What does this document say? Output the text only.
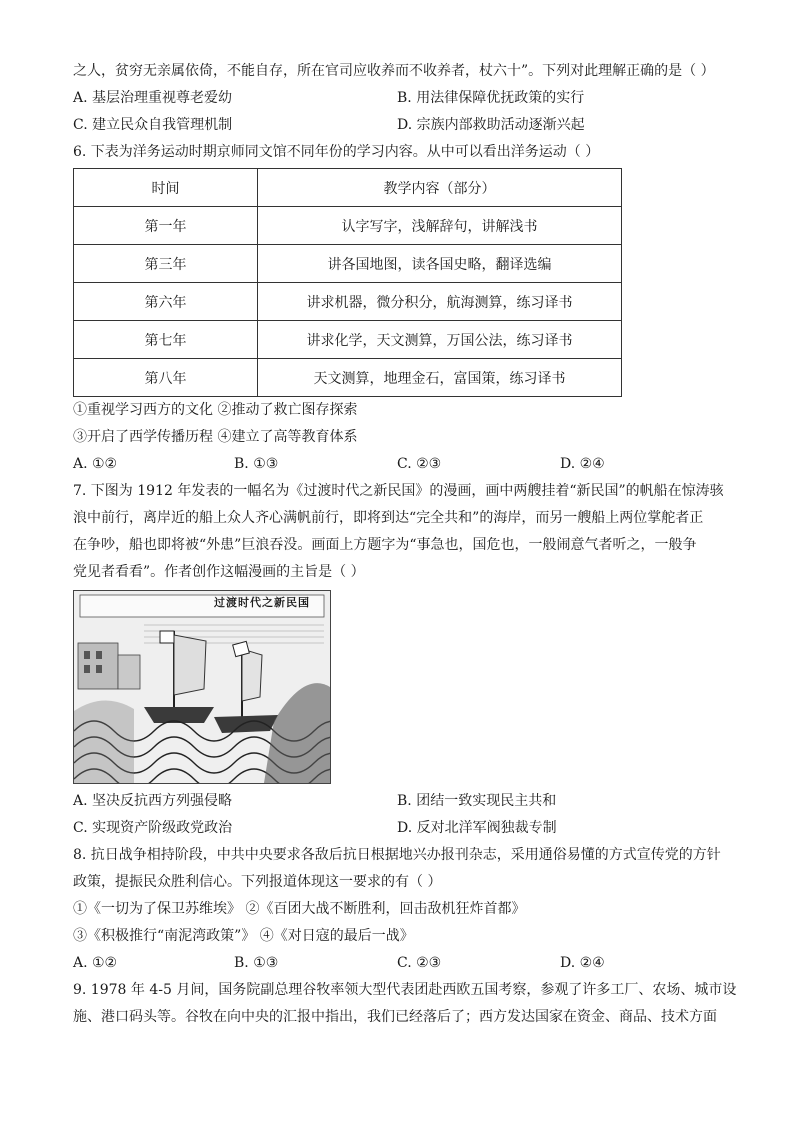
之人，贫穷无亲属依倚，不能自存，所在官司应收养而不收养者，杖六十”。下列对此理解正确的是（ ）
A. 基层治理重视尊老爱幼	B. 用法律保障优抚政策的实行
C. 建立民众自我管理机制	D. 宗族内部救助活动逐渐兴起
6. 下表为洋务运动时期京师同文馆不同年份的学习内容。从中可以看出洋务运动（ ）
时间	教学内容（部分）
第一年	认字写字，浅解辞句，讲解浅书
第三年	讲各国地图，读各国史略，翻译选编
第六年	讲求机器，微分积分，航海测算，练习译书
第七年	讲求化学，天文测算，万国公法，练习译书
第八年	天文测算，地理金石，富国策，练习译书
①重视学习西方的文化 ②推动了救亡图存探索
③开启了西学传播历程 ④建立了高等教育体系
A. ①②	B. ①③	C. ②③	D. ②④
7. 下图为 1912 年发表的一幅名为《过渡时代之新民国》的漫画，画中两艘挂着“新民国”的帆船在惊涛骇
浪中前行，离岸近的船上众人齐心满帆前行，即将到达“完全共和”的海岸，而另一艘船上两位掌舵者正
在争吵，船也即将被“外患”巨浪吞没。画面上方题字为“事急也，国危也，一般闹意气者听之，一般争
党见者看看”。作者创作这幅漫画的主旨是（ ）
过渡时代之新民国
A. 坚决反抗西方列强侵略	B. 团结一致实现民主共和
C. 实现资产阶级政党政治	D. 反对北洋军阀独裁专制
8. 抗日战争相持阶段，中共中央要求各敌后抗日根据地兴办报刊杂志，采用通俗易懂的方式宣传党的方针
政策，提振民众胜利信心。下列报道体现这一要求的有（ ）
①《一切为了保卫苏维埃》 ②《百团大战不断胜利，回击敌机狂炸首都》
③《积极推行“南泥湾政策”》 ④《对日寇的最后一战》
A. ①②	B. ①③	C. ②③	D. ②④
9. 1978 年 4-5 月间，国务院副总理谷牧率领大型代表团赴西欧五国考察，参观了许多工厂、农场、城市设
施、港口码头等。谷牧在向中央的汇报中指出，我们已经落后了；西方发达国家在资金、商品、技术方面
